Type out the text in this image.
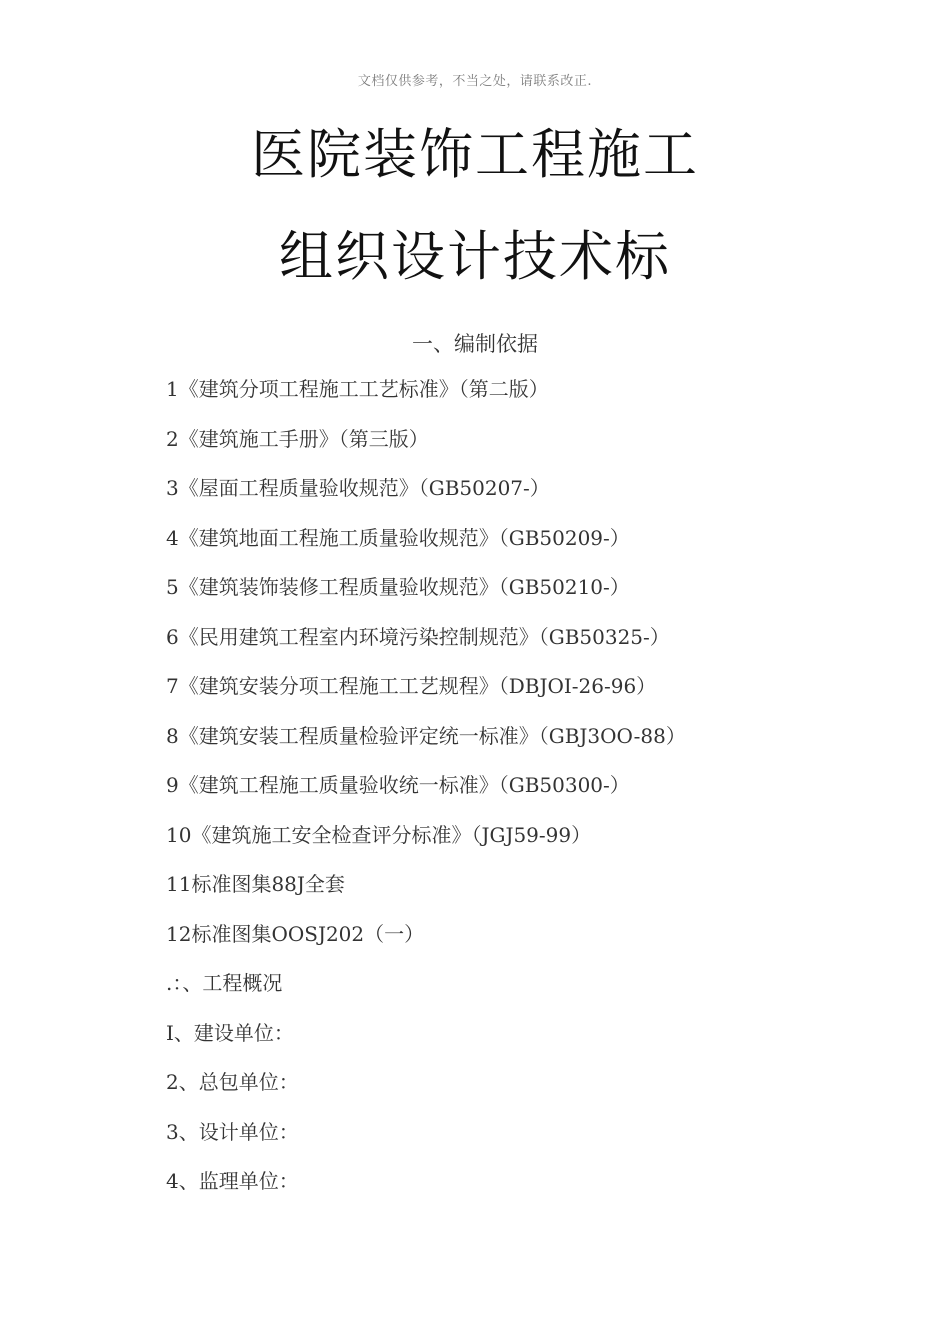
文档仅供参考，不当之处，请联系改正.
医院装饰工程施工
组织设计技术标
一、编制依据
1《建筑分项工程施工工艺标准》（第二版）
2《建筑施工手册》（第三版）
3《屋面工程质量验收规范》（GB50207-）
4《建筑地面工程施工质量验收规范》（GB50209-）
5《建筑装饰装修工程质量验收规范》（GB50210-）
6《民用建筑工程室内环境污染控制规范》（GB50325-）
7《建筑安装分项工程施工工艺规程》（DBJOI-26-96）
8《建筑安装工程质量检验评定统一标准》（GBJ3OO-88）
9《建筑工程施工质量验收统一标准》（GB50300-）
10《建筑施工安全检查评分标准》（JGJ59-99）
11标准图集88J全套
12标准图集OOSJ202（一）
.：、工程概况
I、建设单位：
2、总包单位：
3、设计单位：
4、监理单位：
